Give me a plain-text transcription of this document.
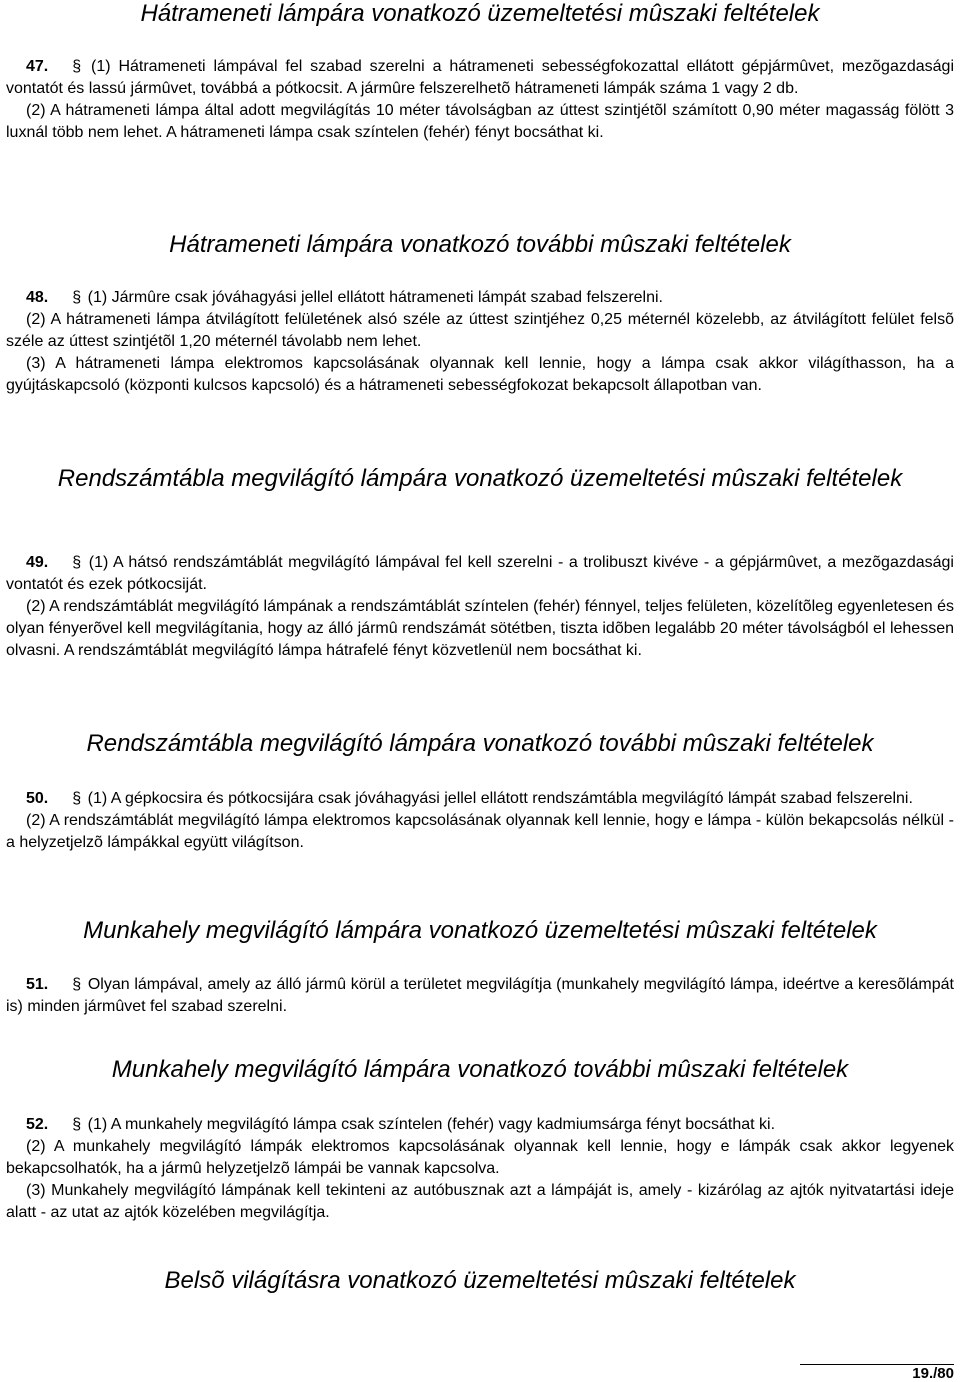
Hátrameneti lámpára vonatkozó üzemeltetési mûszaki feltételek

47. § (1) Hátrameneti lámpával fel szabad szerelni a hátrameneti sebességfokozattal ellátott gépjármûvet, mezõgazdasági vontatót és lassú jármûvet, továbbá a pótkocsit. A jármûre felszerelhetõ hátrameneti lámpák száma 1 vagy 2 db.

(2) A hátrameneti lámpa által adott megvilágítás 10 méter távolságban az úttest szintjétõl számított 0,90 méter magasság fölött 3 luxnál több nem lehet. A hátrameneti lámpa csak színtelen (fehér) fényt bocsáthat ki.

Hátrameneti lámpára vonatkozó további mûszaki feltételek

48. § (1) Jármûre csak jóváhagyási jellel ellátott hátrameneti lámpát szabad felszerelni.

(2) A hátrameneti lámpa átvilágított felületének alsó széle az úttest szintjéhez 0,25 méternél közelebb, az átvilágított felület felsõ széle az úttest szintjétõl 1,20 méternél távolabb nem lehet.

(3) A hátrameneti lámpa elektromos kapcsolásának olyannak kell lennie, hogy a lámpa csak akkor világíthasson, ha a gyújtáskapcsoló (központi kulcsos kapcsoló) és a hátrameneti sebességfokozat bekapcsolt állapotban van.

Rendszámtábla megvilágító lámpára vonatkozó üzemeltetési mûszaki feltételek

49. § (1) A hátsó rendszámtáblát megvilágító lámpával fel kell szerelni - a trolibuszt kivéve - a gépjármûvet, a mezõgazdasági vontatót és ezek pótkocsiját.

(2) A rendszámtáblát megvilágító lámpának a rendszámtáblát színtelen (fehér) fénnyel, teljes felületen, közelítõleg egyenletesen és olyan fényerõvel kell megvilágítania, hogy az álló jármû rendszámát sötétben, tiszta idõben legalább 20 méter távolságból el lehessen olvasni. A rendszámtáblát megvilágító lámpa hátrafelé fényt közvetlenül nem bocsáthat ki.

Rendszámtábla megvilágító lámpára vonatkozó további mûszaki feltételek

50. § (1) A gépkocsira és pótkocsijára csak jóváhagyási jellel ellátott rendszámtábla megvilágító lámpát szabad felszerelni.

(2) A rendszámtáblát megvilágító lámpa elektromos kapcsolásának olyannak kell lennie, hogy e lámpa - külön bekapcsolás nélkül - a helyzetjelzõ lámpákkal együtt világítson.

Munkahely megvilágító lámpára vonatkozó üzemeltetési mûszaki feltételek

51. § Olyan lámpával, amely az álló jármû körül a területet megvilágítja (munkahely megvilágító lámpa, ideértve a keresõlámpát is) minden jármûvet fel szabad szerelni.

Munkahely megvilágító lámpára vonatkozó további mûszaki feltételek

52. § (1) A munkahely megvilágító lámpa csak színtelen (fehér) vagy kadmiumsárga fényt bocsáthat ki.

(2) A munkahely megvilágító lámpák elektromos kapcsolásának olyannak kell lennie, hogy e lámpák csak akkor legyenek bekapcsolhatók, ha a jármû helyzetjelzõ lámpái be vannak kapcsolva.

(3) Munkahely megvilágító lámpának kell tekinteni az autóbusznak azt a lámpáját is, amely - kizárólag az ajtók nyitvatartási ideje alatt - az utat az ajtók közelében megvilágítja.

Belsõ világításra vonatkozó üzemeltetési mûszaki feltételek
19./80
